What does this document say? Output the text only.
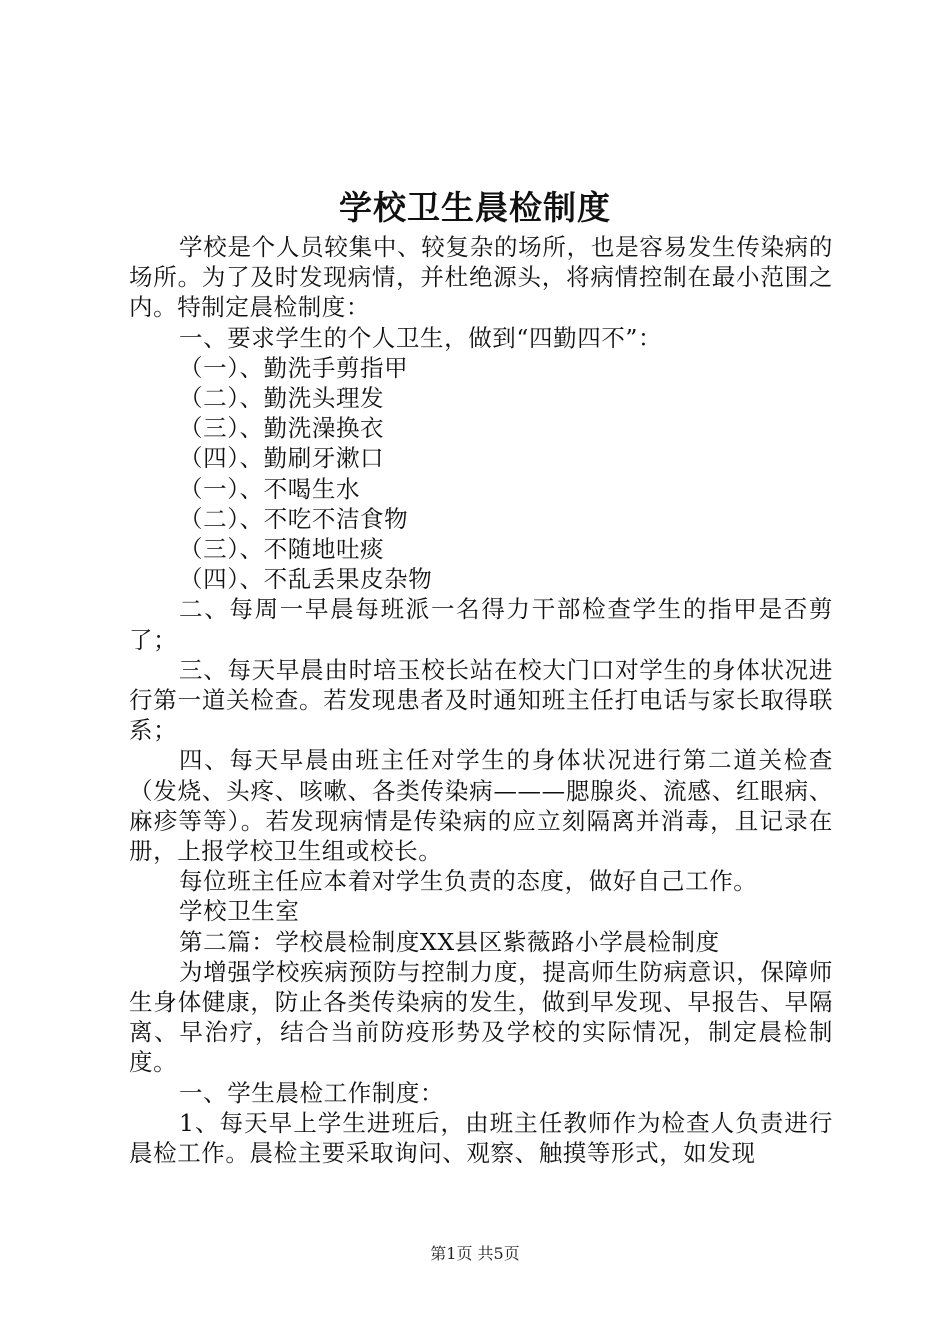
学校卫生晨检制度

学校是个人员较集中、较复杂的场所，也是容易发生传染病的场所。为了及时发现病情，并杜绝源头，将病情控制在最小范围之内。特制定晨检制度：

一、要求学生的个人卫生，做到“四勤四不”：

（一）、勤洗手剪指甲

（二）、勤洗头理发

（三）、勤洗澡换衣

（四）、勤刷牙漱口

（一）、不喝生水

（二）、不吃不洁食物

（三）、不随地吐痰

（四）、不乱丢果皮杂物

二、每周一早晨每班派一名得力干部检查学生的指甲是否剪了；

三、每天早晨由时培玉校长站在校大门口对学生的身体状况进行第一道关检查。若发现患者及时通知班主任打电话与家长取得联系；

四、每天早晨由班主任对学生的身体状况进行第二道关检查（发烧、头疼、咳嗽、各类传染病———腮腺炎、流感、红眼病、麻疹等等）。若发现病情是传染病的应立刻隔离并消毒，且记录在册，上报学校卫生组或校长。

每位班主任应本着对学生负责的态度，做好自己工作。

学校卫生室

第二篇：学校晨检制度XX县区紫薇路小学晨检制度

为增强学校疾病预防与控制力度，提高师生防病意识，保障师生身体健康，防止各类传染病的发生，做到早发现、早报告、早隔离、早治疗，结合当前防疫形势及学校的实际情况，制定晨检制度。

一、学生晨检工作制度：

1、每天早上学生进班后，由班主任教师作为检查人负责进行晨检工作。晨检主要采取询问、观察、触摸等形式，如发现

第1页 共5页
